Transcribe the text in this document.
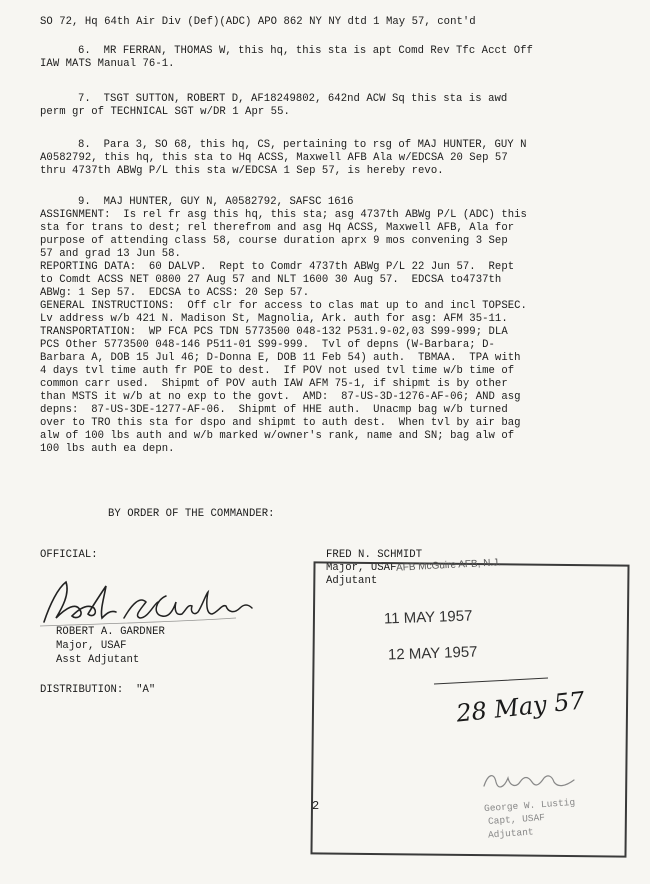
SO 72, Hq 64th Air Div (Def)(ADC) APO 862 NY NY dtd 1 May 57, cont'd
6.  MR FERRAN, THOMAS W, this hq, this sta is apt Comd Rev Tfc Acct Off
IAW MATS Manual 76-1.
7.  TSGT SUTTON, ROBERT D, AF18249802, 642nd ACW Sq this sta is awd
perm gr of TECHNICAL SGT w/DR 1 Apr 55.
8.  Para 3, SO 68, this hq, CS, pertaining to rsg of MAJ HUNTER, GUY N
A0582792, this hq, this sta to Hq ACSS, Maxwell AFB Ala w/EDCSA 20 Sep 57
thru 4737th ABWg P/L this sta w/EDCSA 1 Sep 57, is hereby revo.
9.  MAJ HUNTER, GUY N, A0582792, SAFSC 1616
ASSIGNMENT:  Is rel fr asg this hq, this sta; asg 4737th ABWg P/L (ADC) this
sta for trans to dest; rel therefrom and asg Hq ACSS, Maxwell AFB, Ala for
purpose of attending class 58, course duration aprx 9 mos convening 3 Sep
57 and grad 13 Jun 58.
REPORTING DATA:  60 DALVP.  Rept to Comdr 4737th ABWg P/L 22 Jun 57.  Rept
to Comdt ACSS NET 0800 27 Aug 57 and NLT 1600 30 Aug 57.  EDCSA to4737th
ABWg: 1 Sep 57.  EDCSA to ACSS: 20 Sep 57.
GENERAL INSTRUCTIONS:  Off clr for access to clas mat up to and incl TOPSEC.
Lv address w/b 421 N. Madison St, Magnolia, Ark. auth for asg: AFM 35-11.
TRANSPORTATION:  WP FCA PCS TDN 5773500 048-132 P531.9-02,03 S99-999; DLA
PCS Other 5773500 048-146 P511-01 S99-999.  Tvl of depns (W-Barbara; D-
Barbara A, DOB 15 Jul 46; D-Donna E, DOB 11 Feb 54) auth.  TBMAA.  TPA with
4 days tvl time auth fr POE to dest.  If POV not used tvl time w/b time of
common carr used.  Shipmt of POV auth IAW AFM 75-1, if shipmt is by other
than MSTS it w/b at no exp to the govt.  AMD:  87-US-3D-1276-AF-06; AND asg
depns:  87-US-3DE-1277-AF-06.  Shipmt of HHE auth.  Unacmp bag w/b turned
over to TRO this sta for dspo and shipmt to auth dest.  When tvl by air bag
alw of 100 lbs auth and w/b marked w/owner's rank, name and SN; bag alw of
100 lbs auth ea depn.
BY ORDER OF THE COMMANDER:
OFFICIAL:
ROBERT A. GARDNER
Major, USAF
Asst Adjutant
DISTRIBUTION:  "A"
FRED N. SCHMIDT
Major, USAF
Adjutant
AFB McGuire AFB, N.J.
11 MAY 1957
12 MAY 1957
28 May 57
George W. Lustig
Capt, USAF
Adjutant
2
